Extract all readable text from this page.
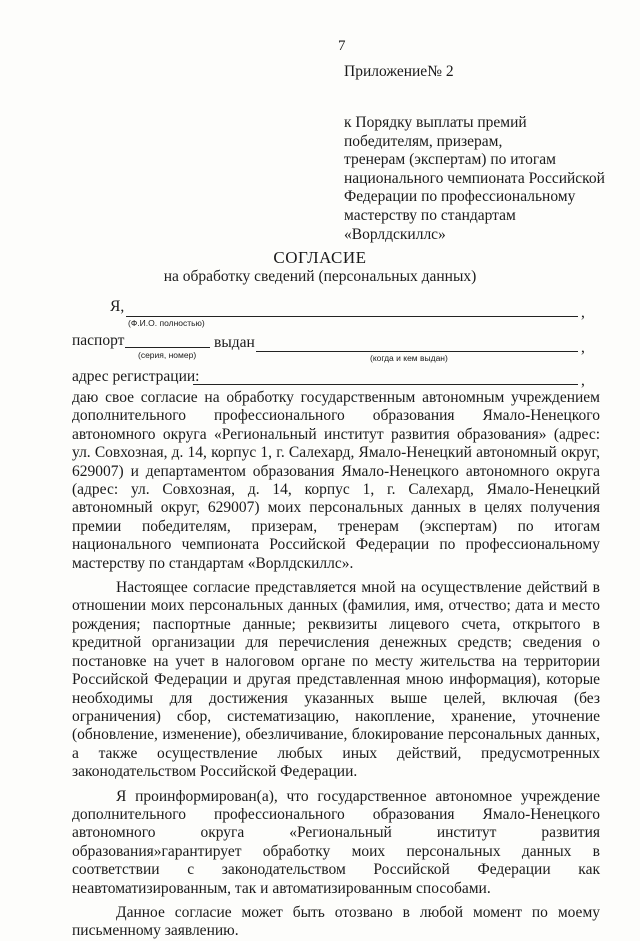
7
Приложение№ 2
к Порядку выплаты премий
победителям, призерам,
тренерам (экспертам) по итогам
национального чемпионата Российской
Федерации по профессиональному
мастерству по стандартам
«Ворлдскиллс»
СОГЛАСИЕ
на обработку сведений (персональных данных)
Я,	,
(Ф.И.О. полностью)
паспорт
(серия, номер)
выдан	,
(когда и кем выдан)
адрес регистрации:	,

даю свое согласие на обработку государственным автономным учреждением дополнительного профессионального образования Ямало-Ненецкого автономного округа «Региональный институт развития образования» (адрес: ул. Совхозная, д. 14, корпус 1, г. Салехард, Ямало-Ненецкий автономный округ, 629007) и департаментом образования Ямало-Ненецкого автономного округа (адрес: ул. Совхозная, д. 14, корпус 1, г. Салехард, Ямало-Ненецкий автономный округ, 629007) моих персональных данных в целях получения премии победителям, призерам, тренерам (экспертам) по итогам национального чемпионата Российской Федерации по профессиональному мастерству по стандартам «Ворлдскиллс».

Настоящее согласие представляется мной на осуществление действий в отношении моих персональных данных (фамилия, имя, отчество; дата и место рождения; паспортные данные; реквизиты лицевого счета, открытого в кредитной организации для перечисления денежных средств; сведения о постановке на учет в налоговом органе по месту жительства на территории Российской Федерации и другая представленная мною информация), которые необходимы для достижения указанных выше целей, включая (без ограничения) сбор, систематизацию, накопление, хранение, уточнение (обновление, изменение), обезличивание, блокирование персональных данных, а также осуществление любых иных действий, предусмотренных законодательством Российской Федерации.

Я проинформирован(а), что государственное автономное учреждение дополнительного профессионального образования Ямало-Ненецкого автономного округа «Региональный институт развития образования»гарантирует обработку моих персональных данных в соответствии с законодательством Российской Федерации как неавтоматизированным, так и автоматизированным способами.

Данное согласие может быть отозвано в любой момент по моему письменному заявлению.
